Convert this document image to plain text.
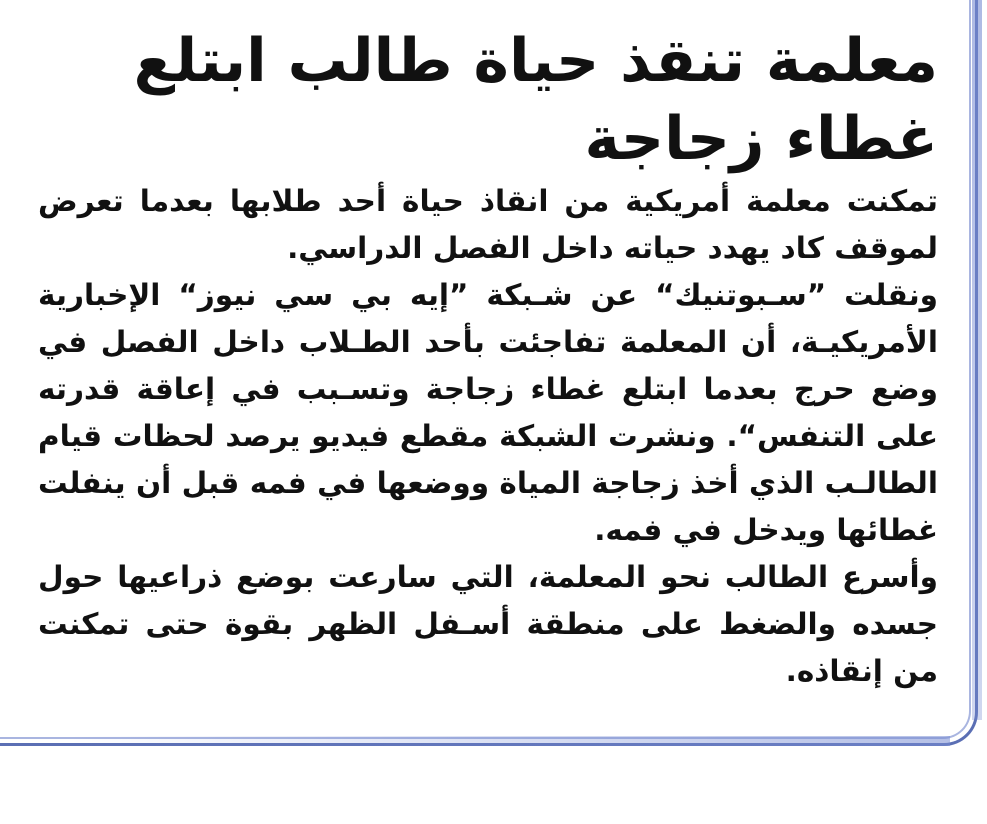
معلمة تنقذ حياة طالب ابتلع غطاء زجاجة

تمكنت معلمة أمريكية من انقاذ حياة أحد طلابها بعدما تعرض لموقف كاد يهدد حياته داخل الفصل الدراسي.

ونقلت ”سـبوتنيك“ عن شـبكة ”إيه بي سي نيوز“ الإخبارية الأمريكيـة، أن المعلمة تفاجئت بأحد الطـلاب داخل الفصل في وضع حرج بعدما ابتلع غطاء زجاجة وتسـبب في إعاقة قدرته على التنفس“. ونشرت الشبكة مقطع فيديو يرصد لحظات قيام الطالـب الذي أخذ زجاجة المياة ووضعها في فمه قبل أن ينفلت غطائها ويدخل في فمه.

وأسرع الطالب نحو المعلمة، التي سارعت بوضع ذراعيها حول جسده والضغط على منطقة أسـفل الظهر بقوة حتى تمكنت من إنقاذه.
